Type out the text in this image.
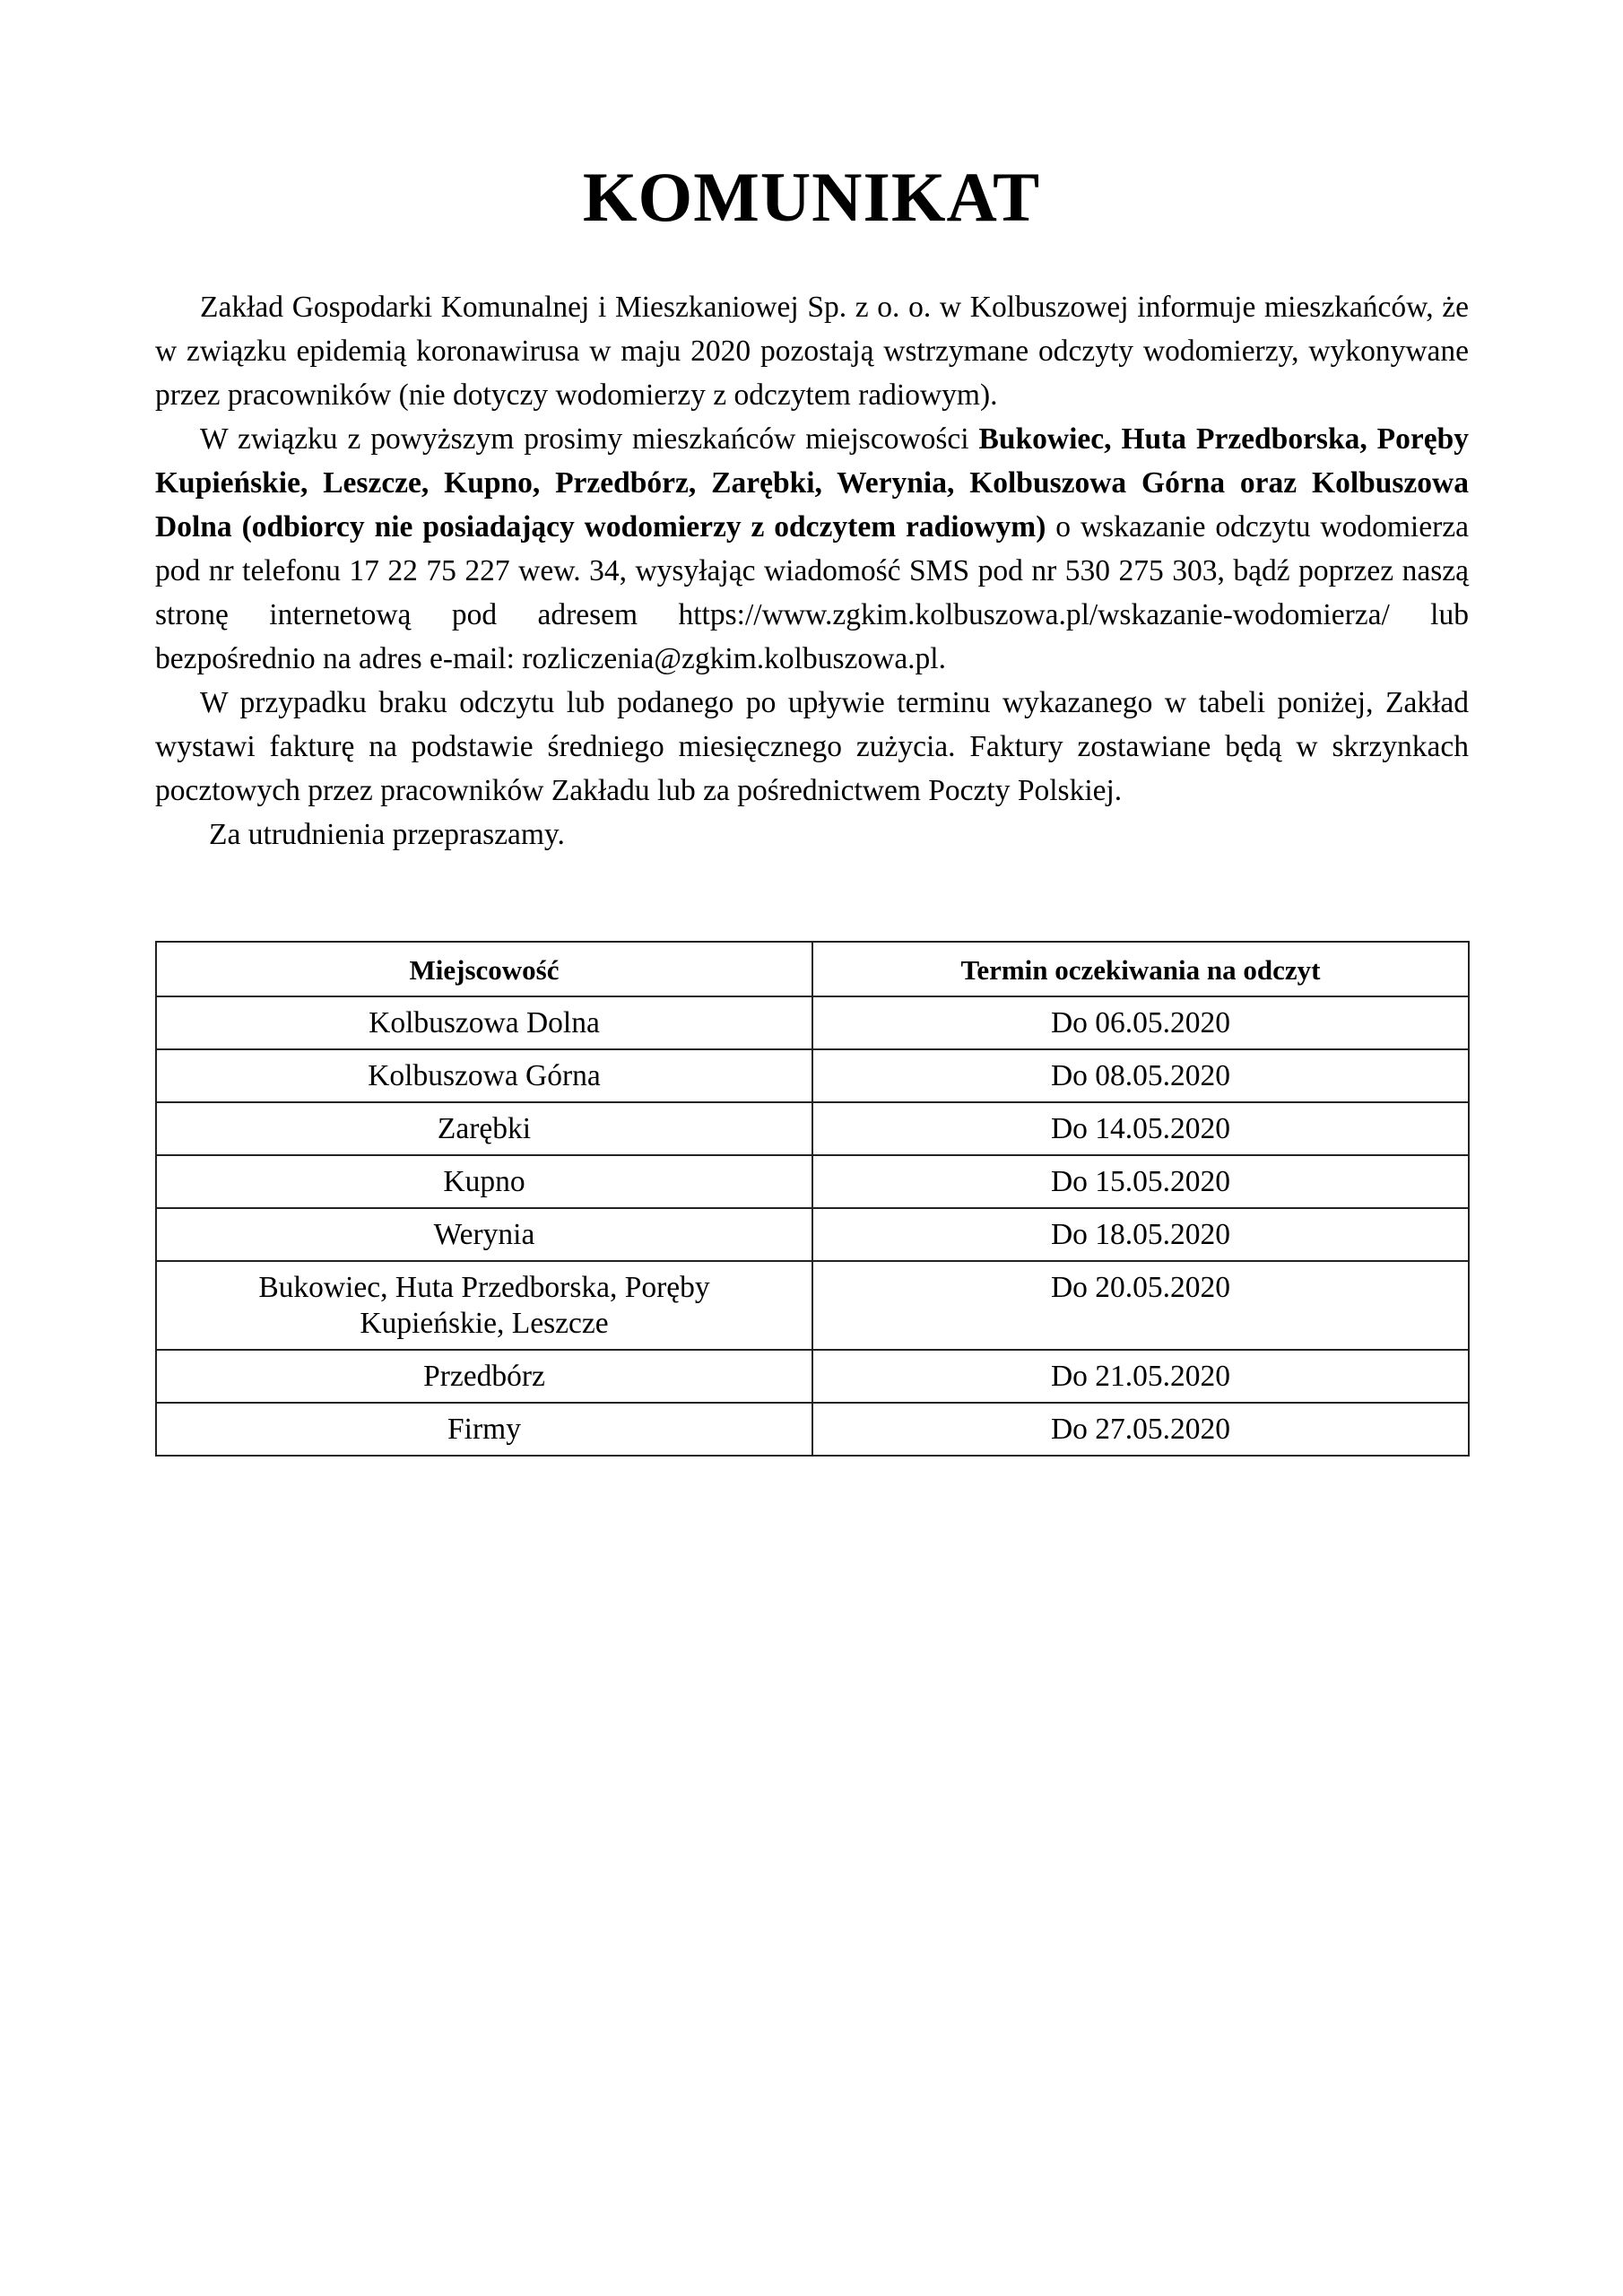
KOMUNIKAT

Zakład Gospodarki Komunalnej i Mieszkaniowej Sp. z o. o. w Kolbuszowej informuje mieszkańców, że w związku epidemią koronawirusa w maju 2020 pozostają wstrzymane odczyty wodomierzy, wykonywane przez pracowników (nie dotyczy wodomierzy z odczytem radiowym).

W związku z powyższym prosimy mieszkańców miejscowości Bukowiec, Huta Przedborska, Poręby Kupieńskie, Leszcze, Kupno, Przedbórz, Zarębki, Werynia, Kolbuszowa Górna oraz Kolbuszowa Dolna (odbiorcy nie posiadający wodomierzy z odczytem radiowym) o wskazanie odczytu wodomierza pod nr telefonu 17 22 75 227 wew. 34, wysyłając wiadomość SMS pod nr 530 275 303, bądź poprzez naszą stronę internetową pod adresem https://www.zgkim.kolbuszowa.pl/wskazanie-wodomierza/ lub bezpośrednio na adres e-mail: rozliczenia@zgkim.kolbuszowa.pl.

W przypadku braku odczytu lub podanego po upływie terminu wykazanego w tabeli poniżej, Zakład wystawi fakturę na podstawie średniego miesięcznego zużycia. Faktury zostawiane będą w skrzynkach pocztowych przez pracowników Zakładu lub za pośrednictwem Poczty Polskiej.

Za utrudnienia przepraszamy.

Miejscowość	Termin oczekiwania na odczyt
Kolbuszowa Dolna	Do 06.05.2020
Kolbuszowa Górna	Do 08.05.2020
Zarębki	Do 14.05.2020
Kupno	Do 15.05.2020
Werynia	Do 18.05.2020
Bukowiec, Huta Przedborska, Poręby Kupieńskie, Leszcze	Do 20.05.2020
Przedbórz	Do 21.05.2020
Firmy	Do 27.05.2020
